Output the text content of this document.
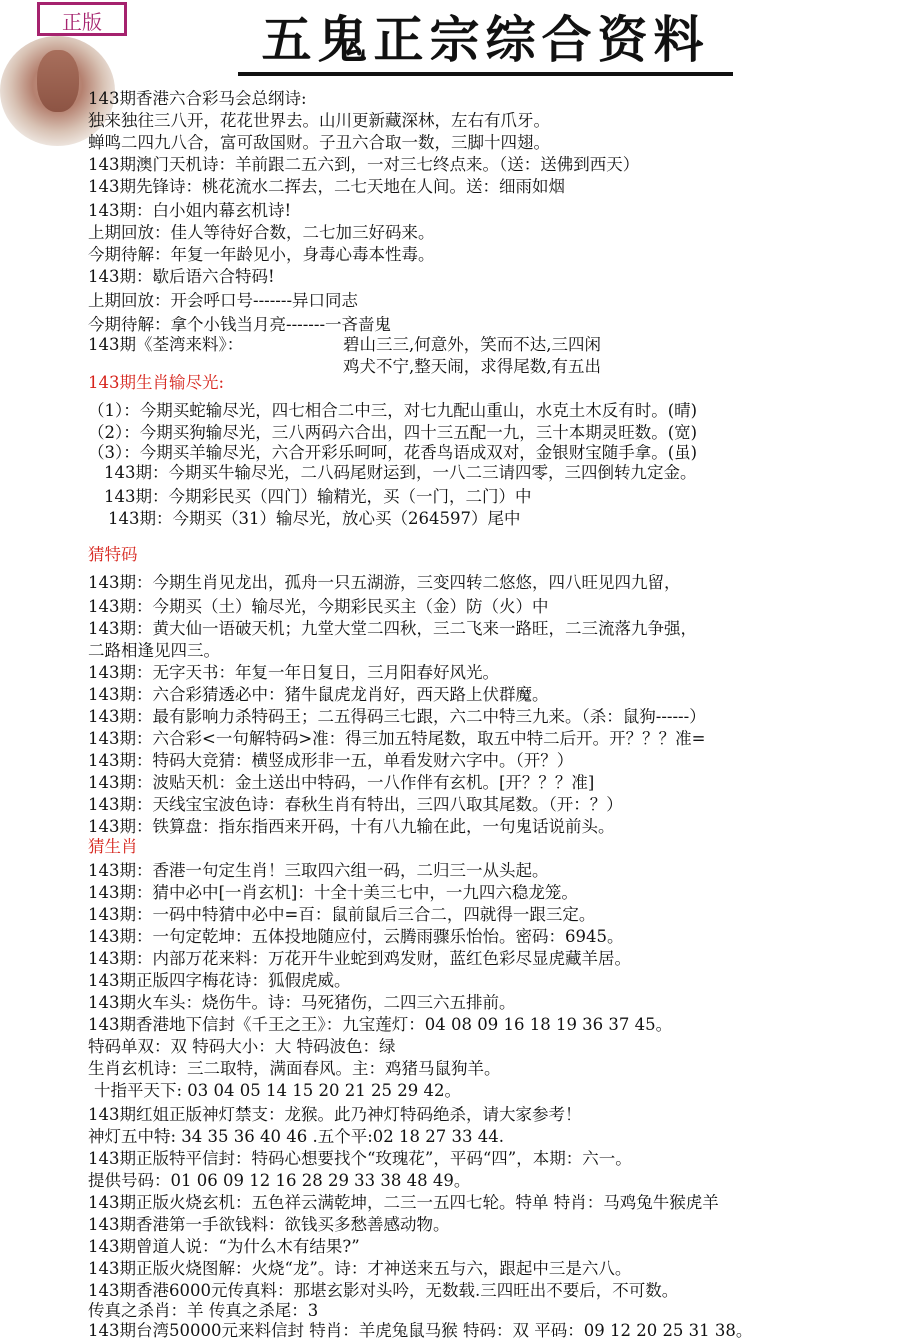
正版	五鬼正宗综合资料
143期香港六合彩马会总纲诗:
独来独往三八开，花花世界去。山川更新藏深林，左右有爪牙。
蝉鸣二四九八合，富可敌国财。子丑六合取一数，三脚十四翅。
143期澳门天机诗：羊前跟二五六到，一对三七终点来。（送：送佛到西天）
143期先锋诗：桃花流水二挥去，二七天地在人间。送：细雨如烟
143期：白小姐内幕玄机诗!
上期回放：佳人等待好合数，二七加三好码来。
今期待解：年复一年龄见小，身毒心毒本性毒。
143期：歇后语六合特码!
上期回放：开会呼口号-------异口同志
今期待解：拿个小钱当月亮-------一吝啬鬼
143期《荃湾来料》：
143期生肖输尽光:
（1）：今期买蛇输尽光，四七相合二中三，对七九配山重山，水克土木反有时。(晴)
（2）：今期买狗输尽光，三八两码六合出，四十三五配一九，三十本期灵旺数。(宽)
（3）：今期买羊输尽光，六合开彩乐呵呵，花香鸟语成双对，金银财宝随手拿。(虽)
143期：今期买牛输尽光，二八码尾财运到，一八二三请四零，三四倒转九定金。
143期：今期彩民买（四门）输精光，买（一门，二门）中
143期：今期买（31）输尽光，放心买（264597）尾中
猜特码
143期：今期生肖见龙出，孤舟一只五湖游，三变四转二悠悠，四八旺见四九留，
143期：今期买（土）输尽光，今期彩民买主（金）防（火）中
143期：黄大仙一语破天机；九堂大堂二四秋，三二飞来一路旺，二三流落九争强，
二路相逢见四三。
143期：无字天书：年复一年日复日，三月阳春好风光。
143期：六合彩猜透必中：猪牛鼠虎龙肖好，西天路上伏群魔。
143期：最有影响力杀特码王；二五得码三七跟，六二中特三九来。（杀：鼠狗------）
143期：六合彩<一句解特码>准：得三加五特尾数，取五中特二后开。开？？？准=
143期：特码大竞猜：横竖成形非一五，单看发财六字中。（开？）
143期：波贴天机：金土送出中特码，一八作伴有玄机。[开？？？准]
143期：天线宝宝波色诗：春秋生肖有特出，三四八取其尾数。（开：？）
143期：铁算盘：指东指西来开码，十有八九输在此，一句鬼话说前头。
猜生肖
143期：香港一句定生肖！三取四六组一码，二归三一从头起。
143期：猜中必中[一肖玄机]：十全十美三七中，一九四六稳龙笼。
143期：一码中特猜中必中=百：鼠前鼠后三合二，四就得一跟三定。
143期：一句定乾坤：五体投地随应付，云腾雨骤乐怡怡。密码：6945。
143期：内部万花来料：万花开牛业蛇到鸡发财，蓝红色彩尽显虎藏羊居。
143期正版四字梅花诗：狐假虎威。
143期火车头：烧伤牛。诗：马死猪伤，二四三六五排前。
143期香港地下信封《千王之王》：九宝莲灯：04 08 09 16 18 19 36 37 45。
特码单双：双 特码大小：大 特码波色：绿
生肖玄机诗：三二取特，满面春风。主：鸡猪马鼠狗羊。
十指平天下: 03 04 05 14 15 20 21 25 29 42。
143期红姐正版神灯禁支：龙猴。此乃神灯特码绝杀，请大家参考！
神灯五中特: 34 35 36 40 46 .五个平:02 18 27 33 44.
143期正版特平信封：特码心想要找个“玫瑰花”，平码“四”，本期：六一。
提供号码：01 06 09 12 16 28 29 33 38 48 49。
143期正版火烧玄机：五色祥云满乾坤，二三一五四七轮。特单 特肖：马鸡兔牛猴虎羊
143期香港第一手欲钱料：欲钱买多愁善感动物。
143期曾道人说：“为什么木有结果?”
143期正版火烧图解：火烧“龙”。诗：才神送来五与六，跟起中三是六八。
143期香港6000元传真料：那堪玄影对头吟，无数载.三四旺出不要后，不可数。
传真之杀肖：羊 传真之杀尾：3
143期台湾50000元来料信封 特肖：羊虎兔鼠马猴 特码：双 平码：09 12 20 25 31 38。
碧山三三,何意外，笑而不达,三四闲
鸡犬不宁,整天闹，求得尾数,有五出
